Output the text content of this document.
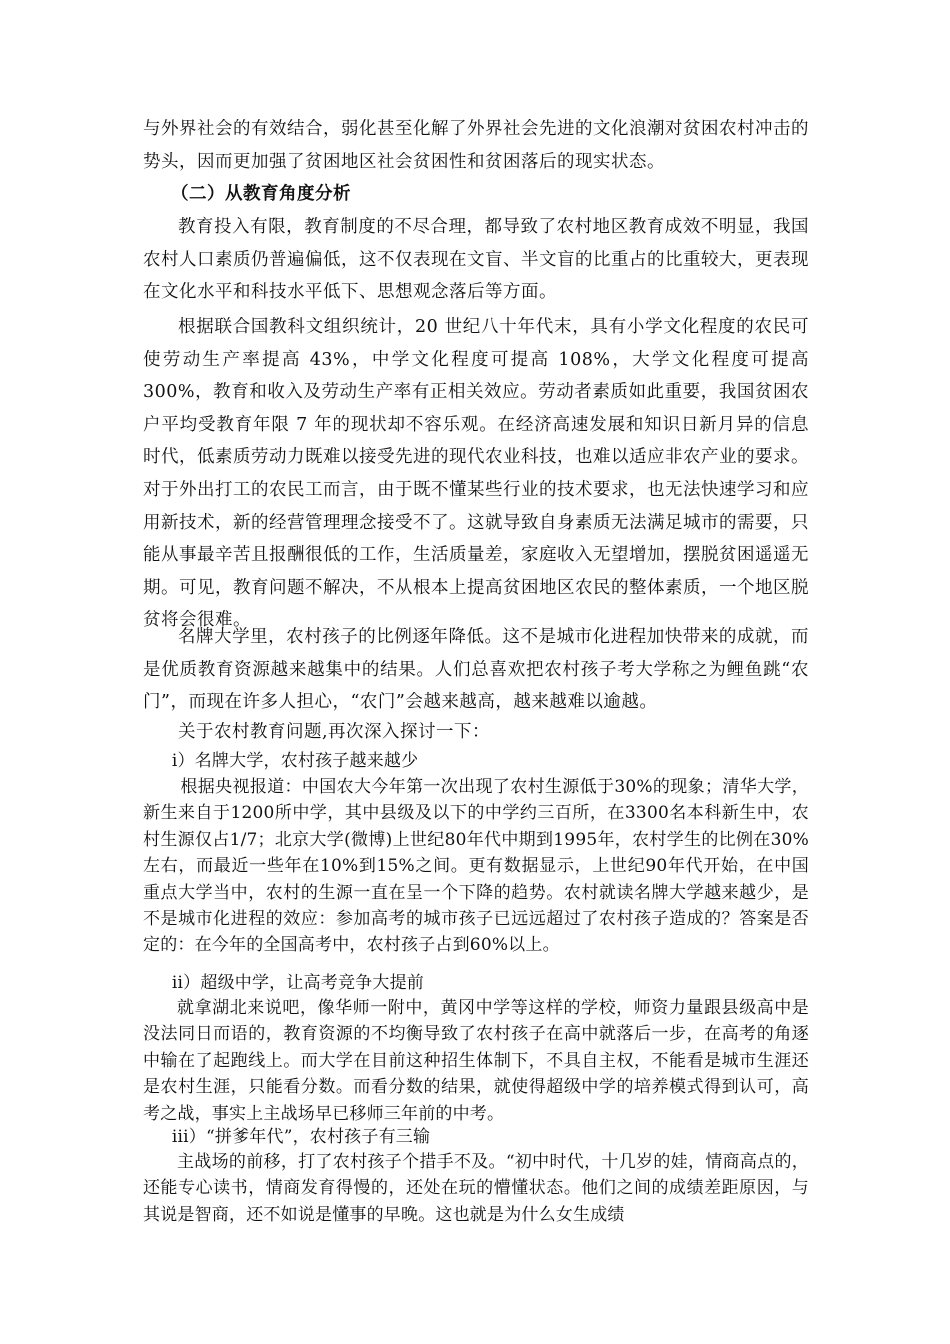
与外界社会的有效结合，弱化甚至化解了外界社会先进的文化浪潮对贫困农村冲击的势头，因而更加强了贫困地区社会贫困性和贫困落后的现实状态。

（二）从教育角度分析

教育投入有限，教育制度的不尽合理，都导致了农村地区教育成效不明显，我国农村人口素质仍普遍偏低，这不仅表现在文盲、半文盲的比重占的比重较大，更表现在文化水平和科技水平低下、思想观念落后等方面。

根据联合国教科文组织统计，20 世纪八十年代末，具有小学文化程度的农民可使劳动生产率提高 43%，中学文化程度可提高 108%，大学文化程度可提高 300%，教育和收入及劳动生产率有正相关效应。劳动者素质如此重要，我国贫困农户平均受教育年限 7 年的现状却不容乐观。在经济高速发展和知识日新月异的信息时代，低素质劳动力既难以接受先进的现代农业科技，也难以适应非农产业的要求。对于外出打工的农民工而言，由于既不懂某些行业的技术要求，也无法快速学习和应用新技术，新的经营管理理念接受不了。这就导致自身素质无法满足城市的需要，只能从事最辛苦且报酬很低的工作，生活质量差，家庭收入无望增加，摆脱贫困遥遥无期。可见，教育问题不解决，不从根本上提高贫困地区农民的整体素质，一个地区脱贫将会很难。

名牌大学里，农村孩子的比例逐年降低。这不是城市化进程加快带来的成就，而是优质教育资源越来越集中的结果。人们总喜欢把农村孩子考大学称之为鲤鱼跳“农门”，而现在许多人担心，“农门”会越来越高，越来越难以逾越。

关于农村教育问题,再次深入探讨一下：

i）名牌大学，农村孩子越来越少

根据央视报道：中国农大今年第一次出现了农村生源低于30%的现象；清华大学，新生来自于1200所中学，其中县级及以下的中学约三百所，在3300名本科新生中，农村生源仅占1/7；北京大学(微博)上世纪80年代中期到1995年，农村学生的比例在30%左右，而最近一些年在10%到15%之间。更有数据显示，上世纪90年代开始，在中国重点大学当中，农村的生源一直在呈一个下降的趋势。农村就读名牌大学越来越少，是不是城市化进程的效应：参加高考的城市孩子已远远超过了农村孩子造成的？答案是否定的：在今年的全国高考中，农村孩子占到60%以上。

ii）超级中学，让高考竞争大提前

就拿湖北来说吧，像华师一附中，黄冈中学等这样的学校，师资力量跟县级高中是没法同日而语的，教育资源的不均衡导致了农村孩子在高中就落后一步，在高考的角逐中输在了起跑线上。而大学在目前这种招生体制下，不具自主权，不能看是城市生涯还是农村生涯，只能看分数。而看分数的结果，就使得超级中学的培养模式得到认可，高考之战，事实上主战场早已移师三年前的中考。

iii）“拼爹年代”，农村孩子有三输

主战场的前移，打了农村孩子个措手不及。“初中时代，十几岁的娃，情商高点的，还能专心读书，情商发育得慢的，还处在玩的懵懂状态。他们之间的成绩差距原因，与其说是智商，还不如说是懂事的早晚。这也就是为什么女生成绩
